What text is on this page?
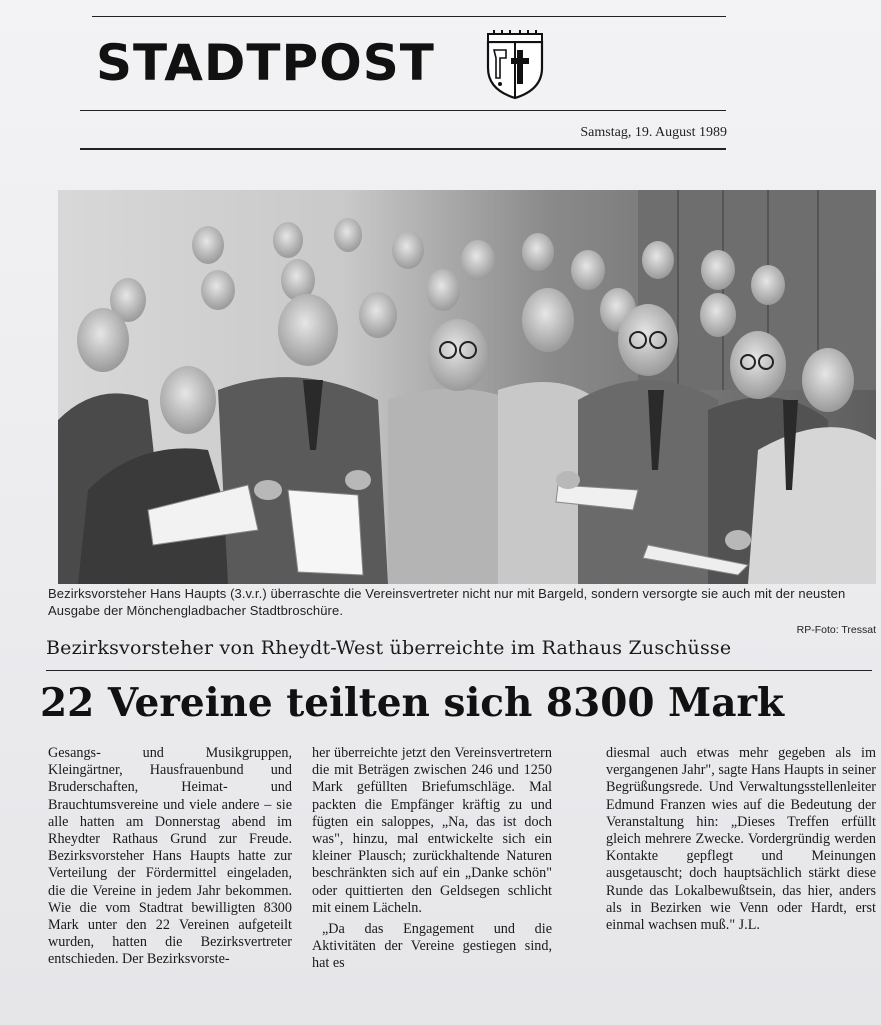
STADTPOST
Samstag, 19. August 1989
Bezirksvorsteher Hans Haupts (3.v.r.) überraschte die Vereinsvertreter nicht nur mit Bargeld, sondern versorgte sie auch mit der neusten Ausgabe der Mönchengladbacher Stadtbroschüre.
RP-Foto: Tressat
Bezirksvorsteher von Rheydt-West überreichte im Rathaus Zuschüsse
22 Vereine teilten sich 8300 Mark

Gesangs- und Musikgruppen, Kleingärtner, Hausfrauenbund und Bruderschaften, Heimat- und Brauchtumsvereine und viele andere – sie alle hatten am Donnerstag abend im Rheydter Rathaus Grund zur Freude. Bezirksvorsteher Hans Haupts hatte zur Verteilung der Fördermittel eingeladen, die die Vereine in jedem Jahr bekommen. Wie die vom Stadtrat bewilligten 8300 Mark unter den 22 Vereinen aufgeteilt wurden, hatten die Bezirksvertreter entschieden. Der Bezirksvorste-

her überreichte jetzt den Vereinsvertretern die mit Beträgen zwischen 246 und 1250 Mark gefüllten Briefumschläge. Mal packten die Empfänger kräftig zu und fügten ein saloppes, „Na, das ist doch was", hinzu, mal entwickelte sich ein kleiner Plausch; zurückhaltende Naturen beschränkten sich auf ein „Danke schön" oder quittierten den Geldsegen schlicht mit einem Lächeln.

„Da das Engagement und die Aktivitäten der Vereine gestiegen sind, hat es

diesmal auch etwas mehr gegeben als im vergangenen Jahr", sagte Hans Haupts in seiner Begrüßungsrede. Und Verwaltungsstellenleiter Edmund Franzen wies auf die Bedeutung der Veranstaltung hin: „Dieses Treffen erfüllt gleich mehrere Zwecke. Vordergründig werden Kontakte gepflegt und Meinungen ausgetauscht; doch hauptsächlich stärkt diese Runde das Lokalbewußtsein, das hier, anders als in Bezirken wie Venn oder Hardt, erst einmal wachsen muß." J.L.
